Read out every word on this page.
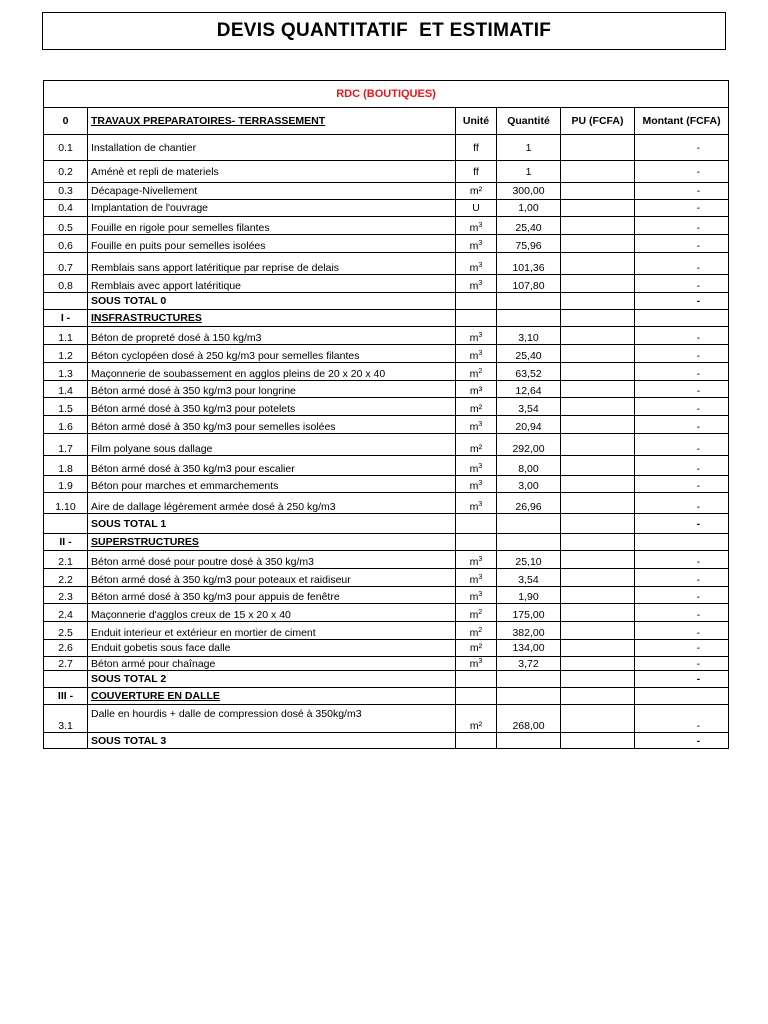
DEVIS QUANTITATIF  ET ESTIMATIF
RDC (BOUTIQUES)					
0	TRAVAUX PREPARATOIRES- TERRASSEMENT	Unité	Quantité	PU (FCFA)	Montant (FCFA)
0.1	Installation de chantier	ff	1		-
0.2	Aménè et repli de materiels	ff	1		-
0.3	Décapage-Nivellement	m²	300,00		-
0.4	Implantation de l'ouvrage	U	1,00		-
0.5	Fouille en rigole pour semelles filantes	$m^3$	25,40		-
0.6	Fouille en puits pour semelles isolées	$m^3$	75,96		-
0.7	Remblais sans apport latéritique par reprise de delais	$m^3$	101,36		-
0.8	Remblais avec apport latéritique	$m^3$	107,80		-
	SOUS TOTAL 0				-
I -	INSFRASTRUCTURES				
1.1	Béton de propreté dosé à 150 kg/m3	$m^3$	3,10		-
1.2	Béton cyclopéen dosé à 250 kg/m3 pour semelles filantes	$m^3$	25,40		-
1.3	Maçonnerie de soubassement en agglos pleins de 20 x 20 x 40	$m^2$	63,52		-
1.4	Béton armé dosé à 350 kg/m3 pour longrine	m³	12,64		-
1.5	Béton armé dosé à 350 kg/m3 pour potelets	m²	3,54		-
1.6	Béton armé dosé à 350 kg/m3 pour semelles isolées	$m^3$	20,94		-
1.7	Film polyane sous dallage	m²	292,00		-
1.8	Béton armé dosé à 350 kg/m3 pour escalier	$m^3$	8,00		-
1.9	Béton pour marches et emmarchements	$m^3$	3,00		-
1.10	Aire de dallage légèrement armée dosé à 250 kg/m3	$m^3$	26,96		-
	SOUS TOTAL 1				-
II -	SUPERSTRUCTURES				
2.1	Béton armé dosé pour poutre dosé à 350 kg/m3	$m^3$	25,10		-
2.2	Béton armé dosé à 350 kg/m3 pour poteaux et raidiseur	$m^3$	3,54		-
2.3	Béton armé dosé à 350 kg/m3 pour appuis de fenêtre	$m^3$	1,90		-
2.4	Maçonnerie d'agglos creux de 15 x 20 x 40	$m^2$	175,00		-
2.5	Enduit interieur et extérieur en mortier de ciment	$m^2$	382,00		-
2.6	Enduit gobetis sous face dalle	m²	134,00		-
2.7	Béton armé pour chaînage	$m^3$	3,72		-
	SOUS TOTAL 2				-
III -	COUVERTURE EN DALLE				
3.1	Dalle en hourdis + dalle de compression dosé à 350kg/m3	m²	268,00		-
	SOUS TOTAL 3				-
